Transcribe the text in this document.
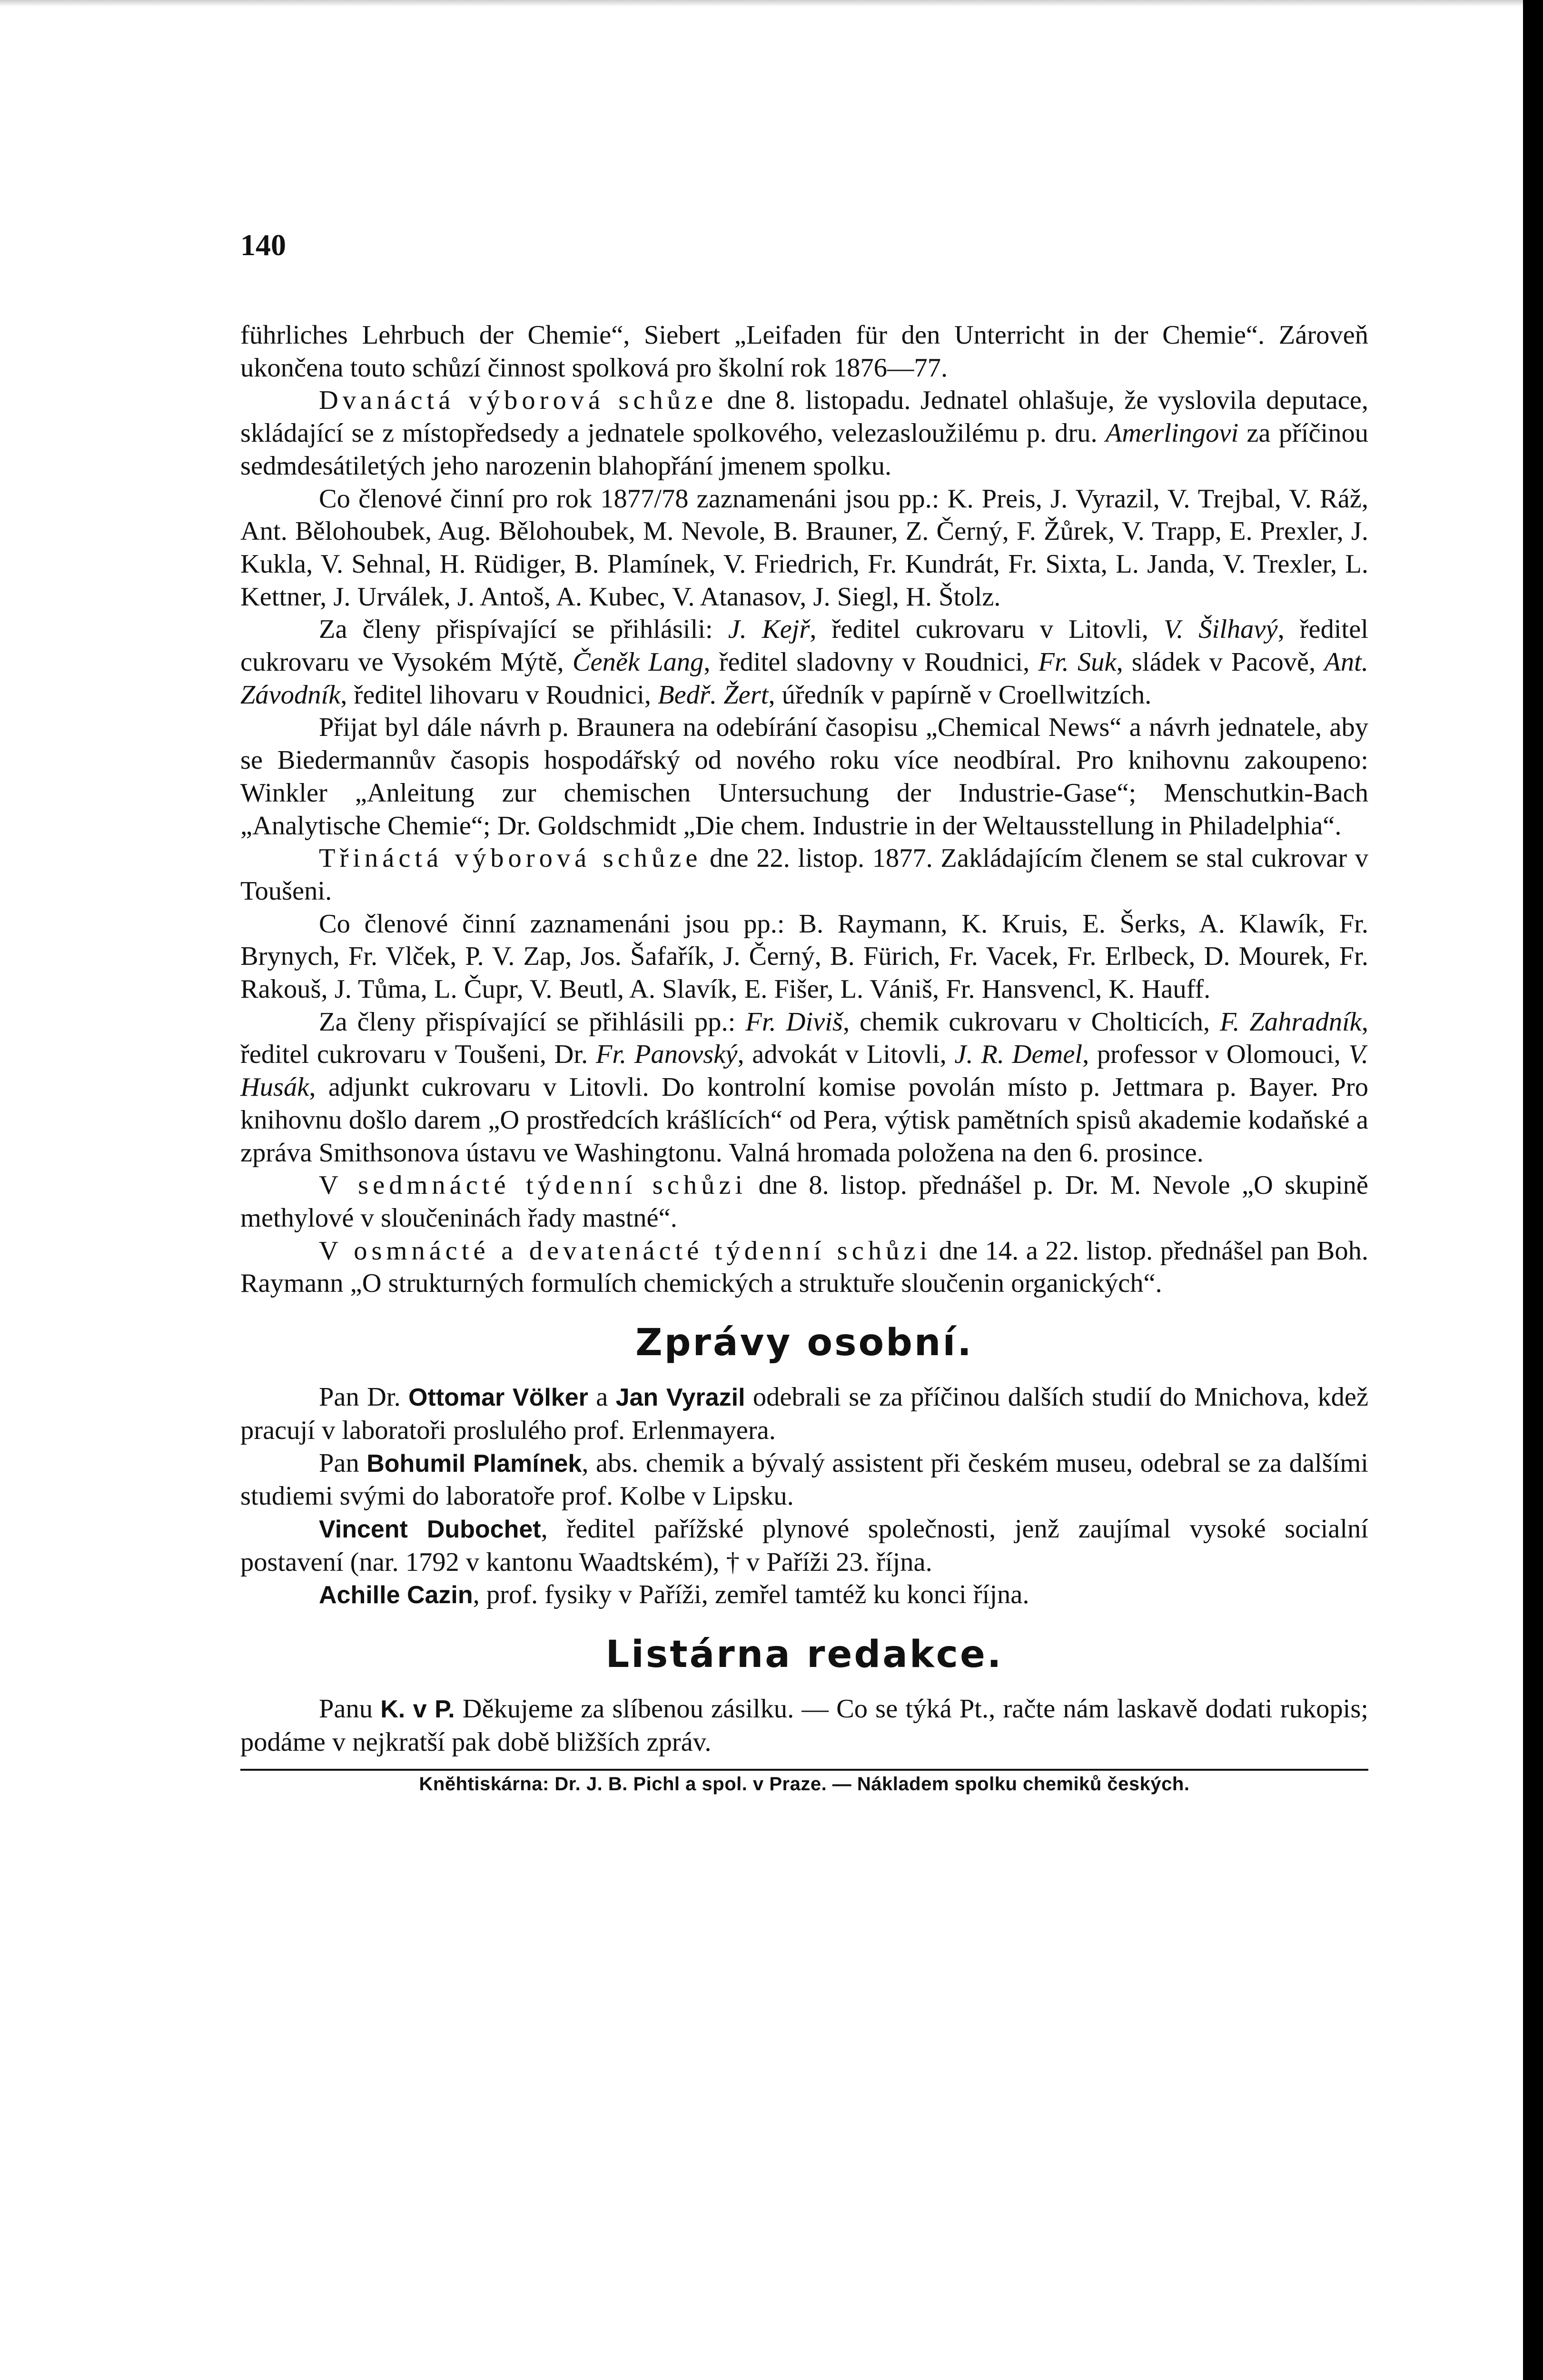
140

führliches Lehrbuch der Chemie“, Siebert „Leifaden für den Unterricht in der Chemie“. Zároveň ukončena touto schůzí činnost spolková pro školní rok 1876—77.

Dvanáctá výborová schůze dne 8. listopadu. Jednatel ohlašuje, že vyslovila deputace, skládající se z místopředsedy a jednatele spolkového, velezasloužilému p. dru. Amerlingovi za příčinou sedmdesátiletých jeho narozenin blahopřání jmenem spolku.

Co členové činní pro rok 1877/78 zaznamenáni jsou pp.: K. Preis, J. Vyrazil, V. Trejbal, V. Ráž, Ant. Bělohoubek, Aug. Bělohoubek, M. Nevole, B. Brauner, Z. Černý, F. Žůrek, V. Trapp, E. Prexler, J. Kukla, V. Sehnal, H. Rüdiger, B. Plamínek, V. Friedrich, Fr. Kundrát, Fr. Sixta, L. Janda, V. Trexler, L. Kettner, J. Urválek, J. Antoš, A. Kubec, V. Atanasov, J. Siegl, H. Štolz.

Za členy přispívající se přihlásili: J. Kejř, ředitel cukrovaru v Litovli, V. Šilhavý, ředitel cukrovaru ve Vysokém Mýtě, Čeněk Lang, ředitel sladovny v Roudnici, Fr. Suk, sládek v Pacově, Ant. Závodník, ředitel lihovaru v Roudnici, Bedř. Žert, úředník v papírně v Croellwitzích.

Přijat byl dále návrh p. Braunera na odebírání časopisu „Chemical News“ a návrh jednatele, aby se Biedermannův časopis hospodářský od nového roku více neodbíral. Pro knihovnu zakoupeno: Winkler „Anleitung zur chemischen Untersuchung der Industrie-Gase“; Menschutkin-Bach „Analytische Chemie“; Dr. Goldschmidt „Die chem. Industrie in der Weltausstellung in Philadelphia“.

Třináctá výborová schůze dne 22. listop. 1877. Zakládajícím členem se stal cukrovar v Toušeni.

Co členové činní zaznamenáni jsou pp.: B. Raymann, K. Kruis, E. Šerks, A. Klawík, Fr. Brynych, Fr. Vlček, P. V. Zap, Jos. Šafařík, J. Černý, B. Fürich, Fr. Vacek, Fr. Erlbeck, D. Mourek, Fr. Rakouš, J. Tůma, L. Čupr, V. Beutl, A. Slavík, E. Fišer, L. Vániš, Fr. Hansvencl, K. Hauff.

Za členy přispívající se přihlásili pp.: Fr. Diviš, chemik cukrovaru v Cholticích, F. Zahradník, ředitel cukrovaru v Toušeni, Dr. Fr. Panovský, advokát v Litovli, J. R. Demel, professor v Olomouci, V. Husák, adjunkt cukrovaru v Litovli. Do kontrolní komise povolán místo p. Jettmara p. Bayer. Pro knihovnu došlo darem „O prostředcích krášlících“ od Pera, výtisk pamětních spisů akademie kodaňské a zpráva Smithsonova ústavu ve Washingtonu. Valná hromada položena na den 6. prosince.

V sedmnácté týdenní schůzi dne 8. listop. přednášel p. Dr. M. Nevole „O skupině methylové v sloučeninách řady mastné“.

V osmnácté a devatenácté týdenní schůzi dne 14. a 22. listop. přednášel pan Boh. Raymann „O strukturných formulích chemických a struktuře sloučenin organických“.

Zprávy osobní.

Pan Dr. Ottomar Völker a Jan Vyrazil odebrali se za příčinou dalších studií do Mnichova, kdež pracují v laboratoři proslulého prof. Erlenmayera.

Pan Bohumil Plamínek, abs. chemik a bývalý assistent při českém museu, odebral se za dalšími studiemi svými do laboratoře prof. Kolbe v Lipsku.

Vincent Dubochet, ředitel pařížské plynové společnosti, jenž zaujímal vysoké socialní postavení (nar. 1792 v kantonu Waadtském), † v Paříži 23. října.

Achille Cazin, prof. fysiky v Paříži, zemřel tamtéž ku konci října.

Listárna redakce.

Panu K. v P. Děkujeme za slíbenou zásilku. — Co se týká Pt., račte nám laskavě dodati rukopis; podáme v nejkratší pak době bližších zpráv.

Knĕhtiskárna: Dr. J. B. Pichl a spol. v Praze. — Nákladem spolku chemiků českých.
